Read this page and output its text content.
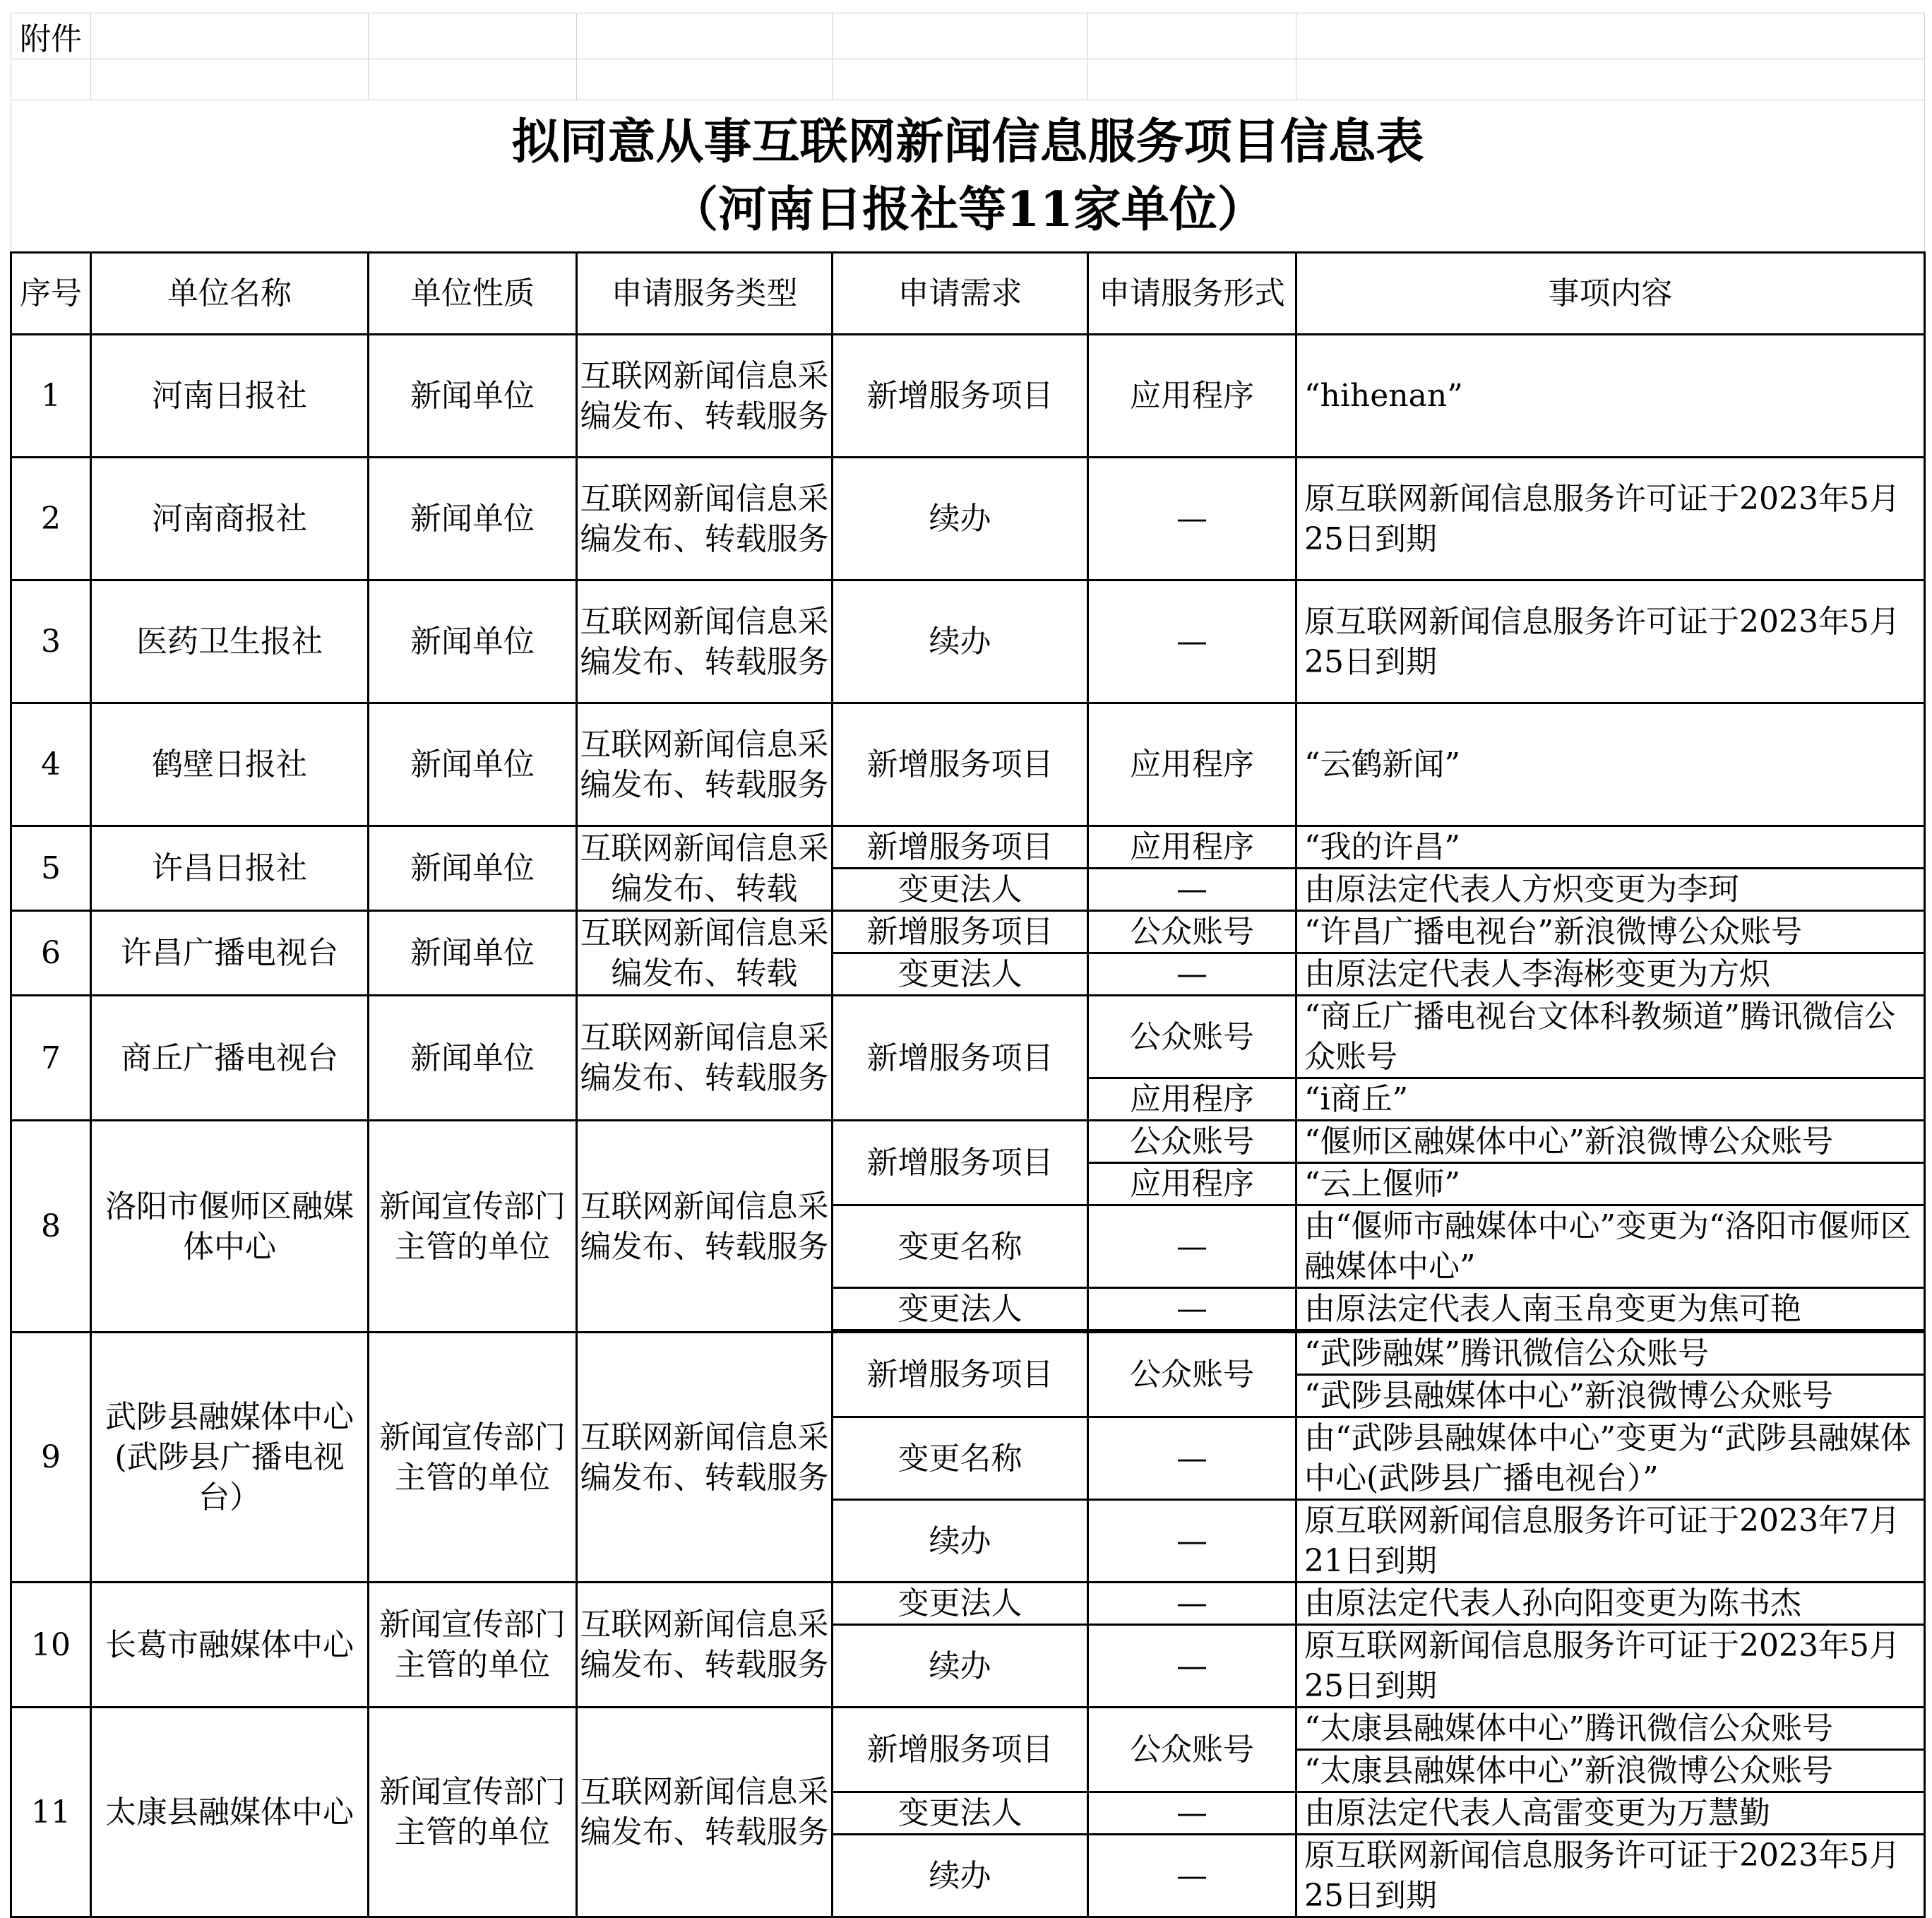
附件						

拟同意从事互联网新闻信息服务项目信息表
（河南日报社等11家单位）						

序号	单位名称	单位性质	申请服务类型	申请需求	申请服务形式	事项内容
1	河南日报社	新闻单位	互联网新闻信息采编发布、转载服务	新增服务项目	应用程序	“hihenan”
2	河南商报社	新闻单位	互联网新闻信息采编发布、转载服务	续办	—	原互联网新闻信息服务许可证于2023年5月25日到期
3	医药卫生报社	新闻单位	互联网新闻信息采编发布、转载服务	续办	—	原互联网新闻信息服务许可证于2023年5月25日到期
4	鹤壁日报社	新闻单位	互联网新闻信息采编发布、转载服务	新增服务项目	应用程序	“云鹤新闻”
5	许昌日报社	新闻单位	互联网新闻信息采编发布、转载	新增服务项目	应用程序	“我的许昌”
				变更法人	—	由原法定代表人方炽变更为李珂
6	许昌广播电视台	新闻单位	互联网新闻信息采编发布、转载	新增服务项目	公众账号	“许昌广播电视台”新浪微博公众账号
				变更法人	—	由原法定代表人李海彬变更为方炽
7	商丘广播电视台	新闻单位	互联网新闻信息采编发布、转载服务	新增服务项目	公众账号	“商丘广播电视台文体科教频道”腾讯微信公众账号
					应用程序	“i商丘”
8	洛阳市偃师区融媒体中心	新闻宣传部门主管的单位	互联网新闻信息采编发布、转载服务	新增服务项目	公众账号	“偃师区融媒体中心”新浪微博公众账号
					应用程序	“云上偃师”
				变更名称	—	由“偃师市融媒体中心”变更为“洛阳市偃师区融媒体中心”
				变更法人	—	由原法定代表人南玉帛变更为焦可艳

9	武陟县融媒体中心(武陟县广播电视台）	新闻宣传部门主管的单位	互联网新闻信息采编发布、转载服务	新增服务项目	公众账号	“武陟融媒”腾讯微信公众账号
						“武陟县融媒体中心”新浪微博公众账号
				变更名称	—	由“武陟县融媒体中心”变更为“武陟县融媒体中心(武陟县广播电视台）”
				续办	—	原互联网新闻信息服务许可证于2023年7月21日到期
10	长葛市融媒体中心	新闻宣传部门主管的单位	互联网新闻信息采编发布、转载服务	变更法人	—	由原法定代表人孙向阳变更为陈书杰
				续办	—	原互联网新闻信息服务许可证于2023年5月25日到期
11	太康县融媒体中心	新闻宣传部门主管的单位	互联网新闻信息采编发布、转载服务	新增服务项目	公众账号	“太康县融媒体中心”腾讯微信公众账号
						“太康县融媒体中心”新浪微博公众账号
				变更法人	—	由原法定代表人高雷变更为万慧勤
				续办	—	原互联网新闻信息服务许可证于2023年5月25日到期
